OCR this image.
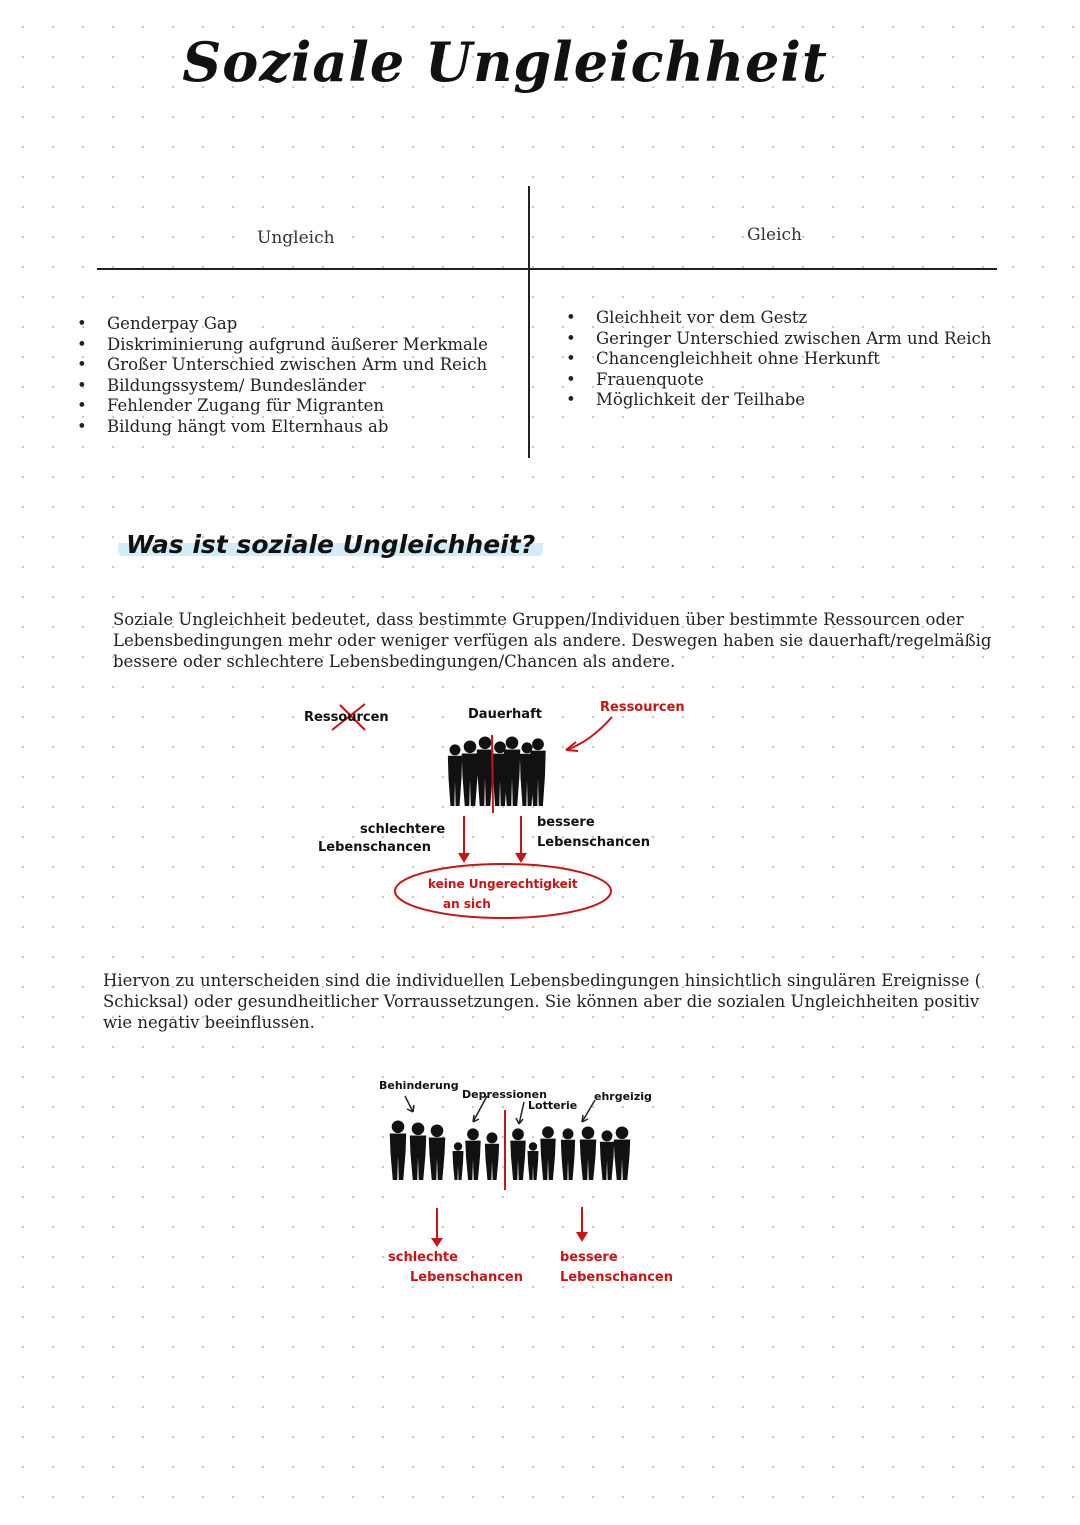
Soziale Ungleichheit
Ungleich	Gleich
• Genderpay Gap
• Diskriminierung aufgrund äußerer Merkmale
• Großer Unterschied zwischen Arm und Reich
• Bildungssystem/ Bundesländer
• Fehlender Zugang für Migranten
• Bildung hängt vom Elternhaus ab
• Gleichheit vor dem Gestz
• Geringer Unterschied zwischen Arm und Reich
• Chancengleichheit ohne Herkunft
• Frauenquote
• Möglichkeit der Teilhabe
Was ist soziale Ungleichheit?
Soziale Ungleichheit bedeutet, dass bestimmte Gruppen/Individuen über bestimmte Ressourcen oder Lebensbedingungen mehr oder weniger verfügen als andere. Deswegen haben sie dauerhaft/regelmäßig bessere oder schlechtere Lebensbedingungen/Chancen als andere.
Ressourcen	Dauerhaft	Ressourcen
schlechtere
Lebenschancen
bessere
Lebenschancen
keine Ungerechtigkeit
an sich
Hiervon zu unterscheiden sind die individuellen Lebensbedingungen hinsichtlich singulären Ereignisse ( Schicksal) oder gesundheitlicher Vorraussetzungen. Sie können aber die sozialen Ungleichheiten positiv wie negativ beeinflussen.
Behinderung
Depressionen
Lotterie
ehrgeizig
schlechte
Lebenschancen
bessere
Lebenschancen
